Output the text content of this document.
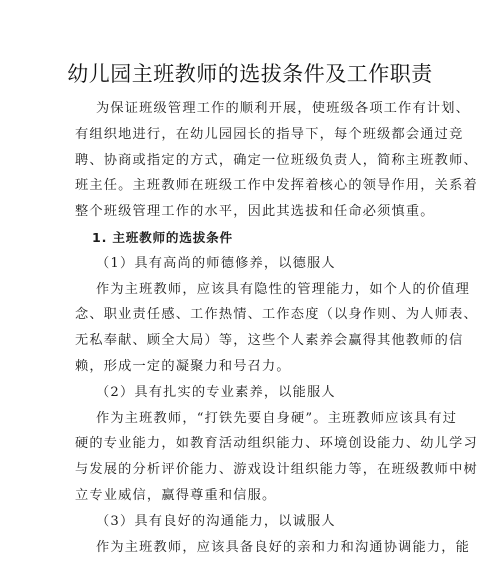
幼儿园主班教师的选拔条件及工作职责
为保证班级管理工作的顺利开展，使班级各项工作有计划、
有组织地进行，在幼儿园园长的指导下，每个班级都会通过竞
聘、协商或指定的方式，确定一位班级负责人，简称主班教师、
班主任。主班教师在班级工作中发挥着核心的领导作用，关系着
整个班级管理工作的水平，因此其选拔和任命必须慎重。
1. 主班教师的选拔条件
（1）具有高尚的师德修养，以德服人
作为主班教师，应该具有隐性的管理能力，如个人的价值理
念、职业责任感、工作热情、工作态度（以身作则、为人师表、
无私奉献、顾全大局）等，这些个人素养会赢得其他教师的信
赖，形成一定的凝聚力和号召力。
（2）具有扎实的专业素养，以能服人
作为主班教师，“打铁先要自身硬”。主班教师应该具有过
硬的专业能力，如教育活动组织能力、环境创设能力、幼儿学习
与发展的分析评价能力、游戏设计组织能力等，在班级教师中树
立专业威信，赢得尊重和信服。
（3）具有良好的沟通能力，以诚服人
作为主班教师，应该具备良好的亲和力和沟通协调能力，能
